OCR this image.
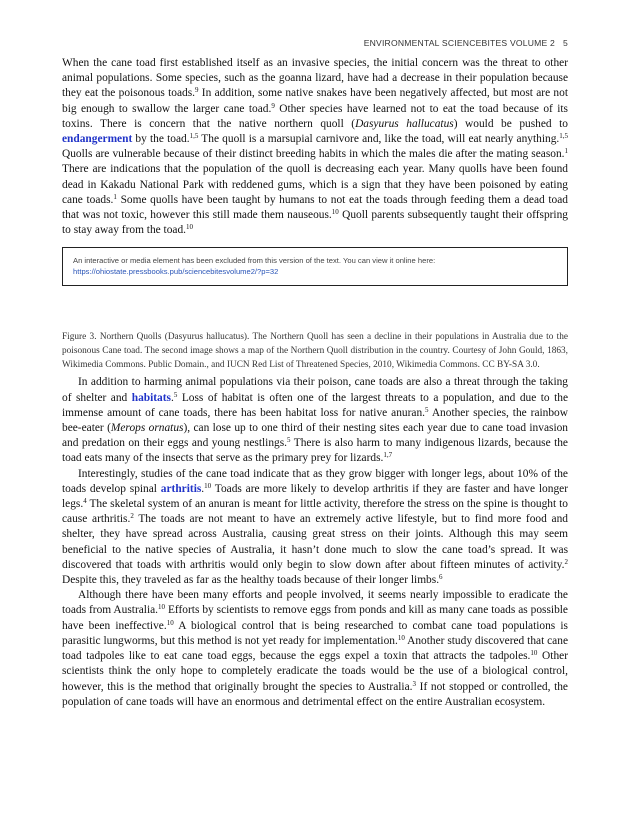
ENVIRONMENTAL SCIENCEBITES VOLUME 2 5

When the cane toad first established itself as an invasive species, the initial concern was the threat to other animal populations. Some species, such as the goanna lizard, have had a decrease in their population because they eat the poisonous toads.$^9$ In addition, some native snakes have been negatively affected, but most are not big enough to swallow the larger cane toad.$^9$ Other species have learned not to eat the toad because of its toxins. There is concern that the native northern quoll (Dasyurus hallucatus) would be pushed to endangerment by the toad.$^{1,5}$ The quoll is a marsupial carnivore and, like the toad, will eat nearly anything.$^{1,5}$ Quolls are vulnerable because of their distinct breeding habits in which the males die after the mating season.$^1$ There are indications that the population of the quoll is decreasing each year. Many quolls have been found dead in Kakadu National Park with reddened gums, which is a sign that they have been poisoned by eating cane toads.$^1$ Some quolls have been taught by humans to not eat the toads through feeding them a dead toad that was not toxic, however this still made them nauseous.$^{10}$ Quoll parents subsequently taught their offspring to stay away from the toad.$^{10}$

An interactive or media element has been excluded from this version of the text. You can view it online here:
https://ohiostate.pressbooks.pub/sciencebitesvolume2/?p=32
Figure 3. Northern Quolls (Dasyurus hallucatus). The Northern Quoll has seen a decline in their populations in Australia due to the poisonous Cane toad. The second image shows a map of the Northern Quoll distribution in the country. Courtesy of John Gould, 1863, Wikimedia Commons. Public Domain., and IUCN Red List of Threatened Species, 2010, Wikimedia Commons. CC BY-SA 3.0.

In addition to harming animal populations via their poison, cane toads are also a threat through the taking of shelter and habitats.$^5$ Loss of habitat is often one of the largest threats to a population, and due to the immense amount of cane toads, there has been habitat loss for native anuran.$^5$ Another species, the rainbow bee-eater (Merops ornatus), can lose up to one third of their nesting sites each year due to cane toad invasion and predation on their eggs and young nestlings.$^5$ There is also harm to many indigenous lizards, because the toad eats many of the insects that serve as the primary prey for lizards.$^{1,7}$

Interestingly, studies of the cane toad indicate that as they grow bigger with longer legs, about 10% of the toads develop spinal arthritis.$^{10}$ Toads are more likely to develop arthritis if they are faster and have longer legs.$^4$ The skeletal system of an anuran is meant for little activity, therefore the stress on the spine is thought to cause arthritis.$^2$ The toads are not meant to have an extremely active lifestyle, but to find more food and shelter, they have spread across Australia, causing great stress on their joints. Although this may seem beneficial to the native species of Australia, it hasn’t done much to slow the cane toad’s spread. It was discovered that toads with arthritis would only begin to slow down after about fifteen minutes of activity.$^2$ Despite this, they traveled as far as the healthy toads because of their longer limbs.$^6$

Although there have been many efforts and people involved, it seems nearly impossible to eradicate the toads from Australia.$^{10}$ Efforts by scientists to remove eggs from ponds and kill as many cane toads as possible have been ineffective.$^{10}$ A biological control that is being researched to combat cane toad populations is parasitic lungworms, but this method is not yet ready for implementation.$^{10}$ Another study discovered that cane toad tadpoles like to eat cane toad eggs, because the eggs expel a toxin that attracts the tadpoles.$^{10}$ Other scientists think the only hope to completely eradicate the toads would be the use of a biological control, however, this is the method that originally brought the species to Australia.$^3$ If not stopped or controlled, the population of cane toads will have an enormous and detrimental effect on the entire Australian ecosystem.
